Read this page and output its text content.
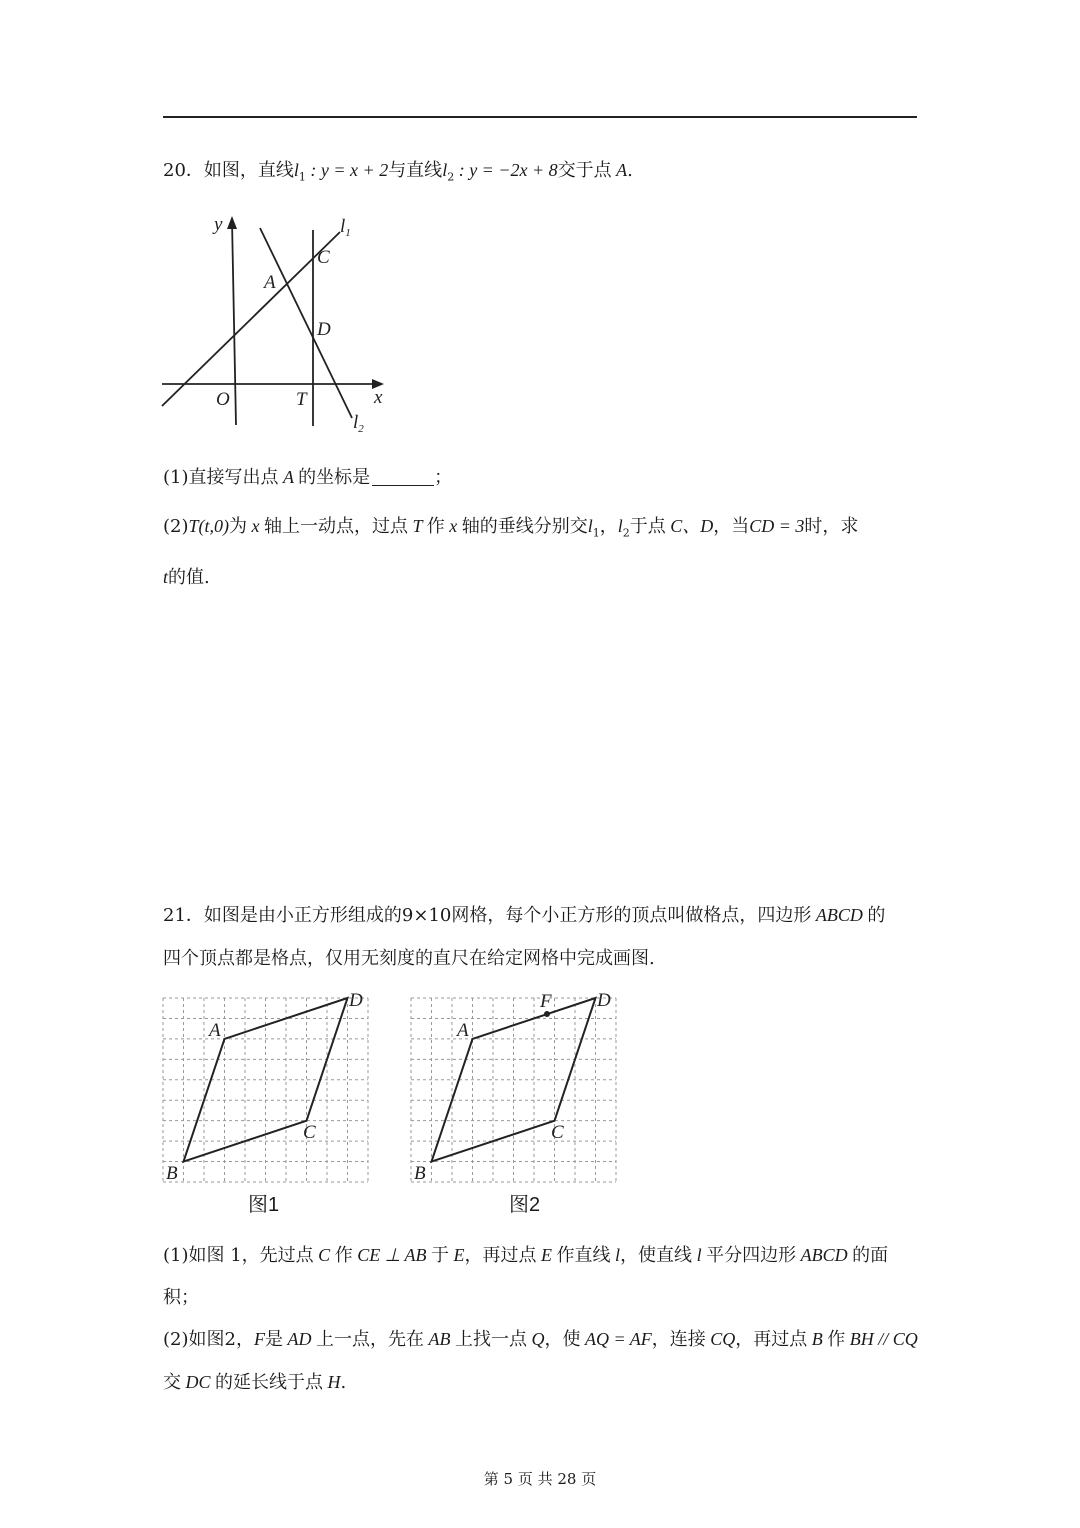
20．如图，直线$l_1$ : y = x + 2与直线$l_2$ : y = −2x + 8交于点 A.
y
x
O	T
A
C
D
$l_1$
$l_2$
(1)直接写出点 A 的坐标是	；
(2)T(t,0)为 x 轴上一动点，过点 T 作 x 轴的垂线分别交$l_1$，$l_2$于点 C、D，当CD = 3时，求
t的值.
21．如图是由小正方形组成的9×10网格，每个小正方形的顶点叫做格点，四边形 ABCD 的
四个顶点都是格点，仅用无刻度的直尺在给定网格中完成画图.
A
B
C
D
图1
A
B
C
D
F
图2
(1)如图 1，先过点 C 作 CE ⊥ AB 于 E，再过点 E 作直线 l，使直线 l 平分四边形 ABCD 的面
积；
(2)如图2，F是 AD 上一点，先在 AB 上找一点 Q，使 AQ = AF，连接 CQ，再过点 B 作 BH // CQ
交 DC 的延长线于点 H.
第 5 页 共 28 页
